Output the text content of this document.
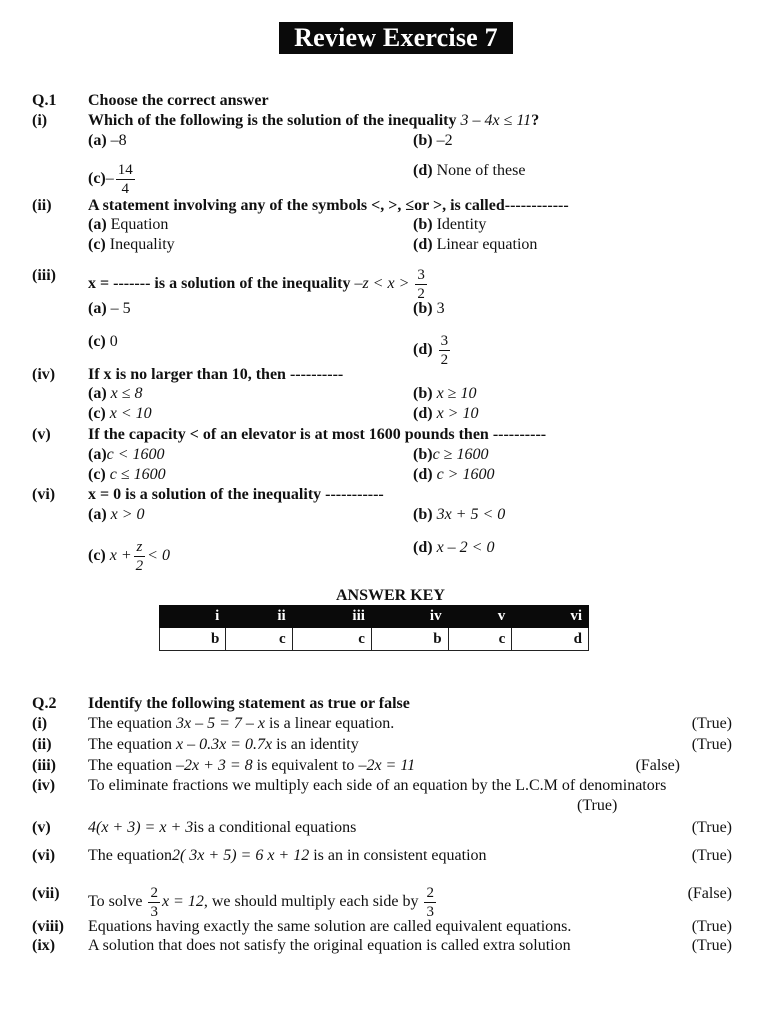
Review Exercise 7
Q.1 Choose the correct answer
(i)	Which of the following is the solution of the inequality 3 – 4x ≤ 11?
(a) –8	(b) –2
$(c)- \frac{14}{4}$	(d) None of these
(ii) A statement involving any of the symbols <, >, ≤or >, is called------------
(a) Equation	(b) Identity
(c) Inequality	(d) Linear equation
(iii) x = ------- is a solution of the inequality $-z < x > \frac{3}{2}$
(a) – 5	(b) 3
(c) 0	$(d) \frac{3}{2}$
(iv) If x is no larger than 10, then ----------
(a) x ≤ 8	(b) x ≥ 10
(c) x < 10	(d) x > 10
(v) If the capacity < of an elevator is at most 1600 pounds then ----------
(a)c < 1600	(b)c ≥ 1600
(c) c ≤ 1600	(d) c > 1600
(vi) x = 0 is a solution of the inequality -----------
(a) x > 0	(b) 3x + 5 < 0
(c) $x + \frac{z}{2} < 0$	(d) x – 2 < 0
ANSWER KEY
i	ii	iii	iv	v	vi
b	c	c	b	c	d
Q.2 Identify the following statement as true or false
(i)	The equation 3x – 5 = 7 – x is a linear equation.	(True)
(ii) The equation x – 0.3x = 0.7x is an identity	(True)
(iii) The equation –2x + 3 = 8 is equivalent to –2x = 11	(False)
(iv) To eliminate fractions we multiply each side of an equation by the L.C.M of denominators
(True)
(v) 4(x + 3) = x + 3is a conditional equations	(True)
(vi) The equation2( 3x + 5) = 6 x + 12 is an in consistent equation	(True)
(vii) To solve $\frac{2}{3}$ x = 12, we should multiply each side by $\frac{2}{3}$	(False)
(viii) Equations having exactly the same solution are called equivalent equations.	(True)
(ix) A solution that does not satisfy the original equation is called extra solution	(True)
